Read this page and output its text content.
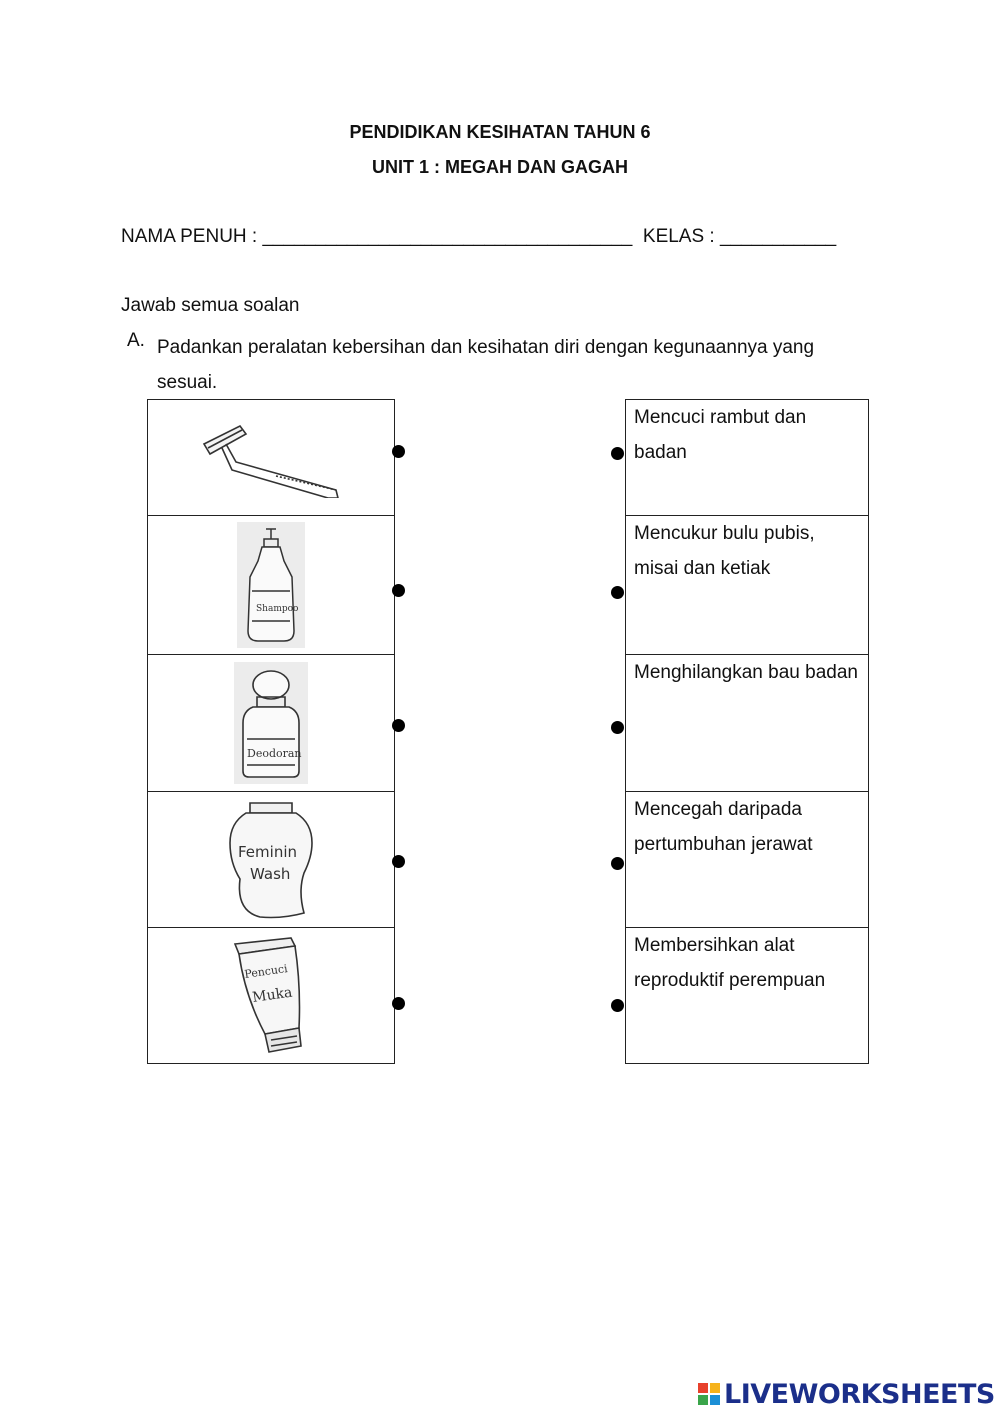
PENDIDIKAN KESIHATAN TAHUN 6
UNIT 1 : MEGAH DAN GAGAH
NAMA PENUH : ___________________________________ KELAS : ___________
Jawab semua soalan
A. Padankan peralatan kebersihan dan kesihatan diri dengan kegunaannya yang sesuai.
Shampoo
Deodoran
Feminin
Wash
Pencuci
Muka
Mencuci rambut dan badan
Mencukur bulu pubis, misai dan ketiak
Menghilangkan bau badan
Mencegah daripada pertumbuhan jerawat
Membersihkan alat reproduktif perempuan
LIVEWORKSHEETS
